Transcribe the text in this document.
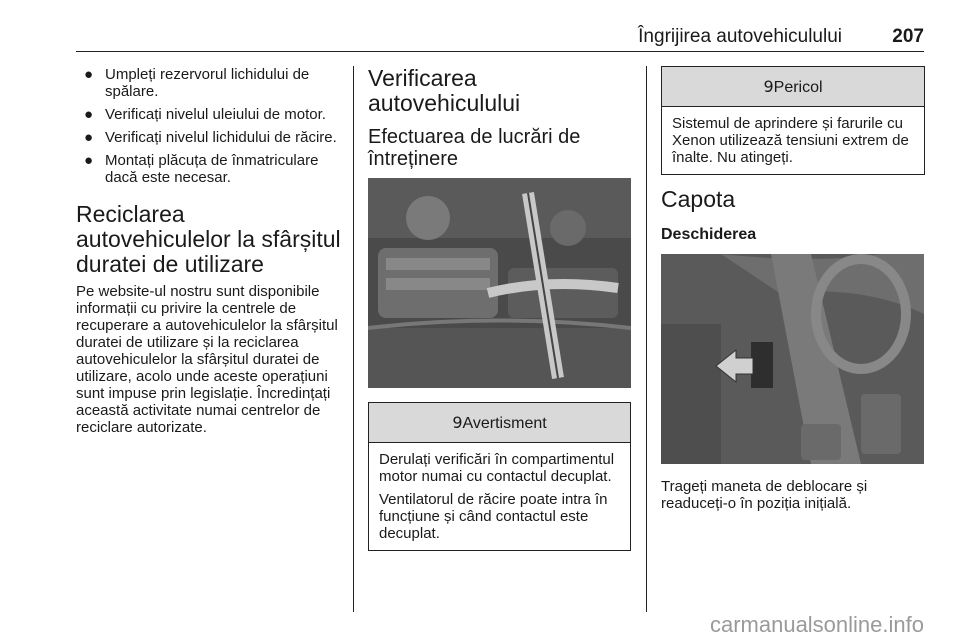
Îngrijirea autovehiculului	207
● Umpleți rezervorul lichidului de spălare.
● Verificați nivelul uleiului de motor.
● Verificați nivelul lichidului de răcire.
● Montați plăcuța de înmatriculare dacă este necesar.
Reciclarea autovehiculelor la sfârșitul duratei de utilizare

Pe website-ul nostru sunt disponibile informații cu privire la centrele de recuperare a autovehiculelor la sfârșitul duratei de utilizare și la reciclarea autovehiculelor la sfârșitul duratei de utilizare, acolo unde aceste operațiuni sunt impuse prin legislație. Încredințați această activitate numai centrelor de reciclare autorizate.

Verificarea autovehiculului
Efectuarea de lucrări de întreținere
9Avertisment

Derulați verificări în compartimentul motor numai cu contactul decuplat.

Ventilatorul de răcire poate intra în funcțiune și când contactul este decuplat.

9Pericol

Sistemul de aprindere și farurile cu Xenon utilizează tensiuni extrem de înalte. Nu atingeți.

Capota
Deschiderea

Trageți maneta de deblocare și readuceți-o în poziția inițială.

carmanualsonline.info
